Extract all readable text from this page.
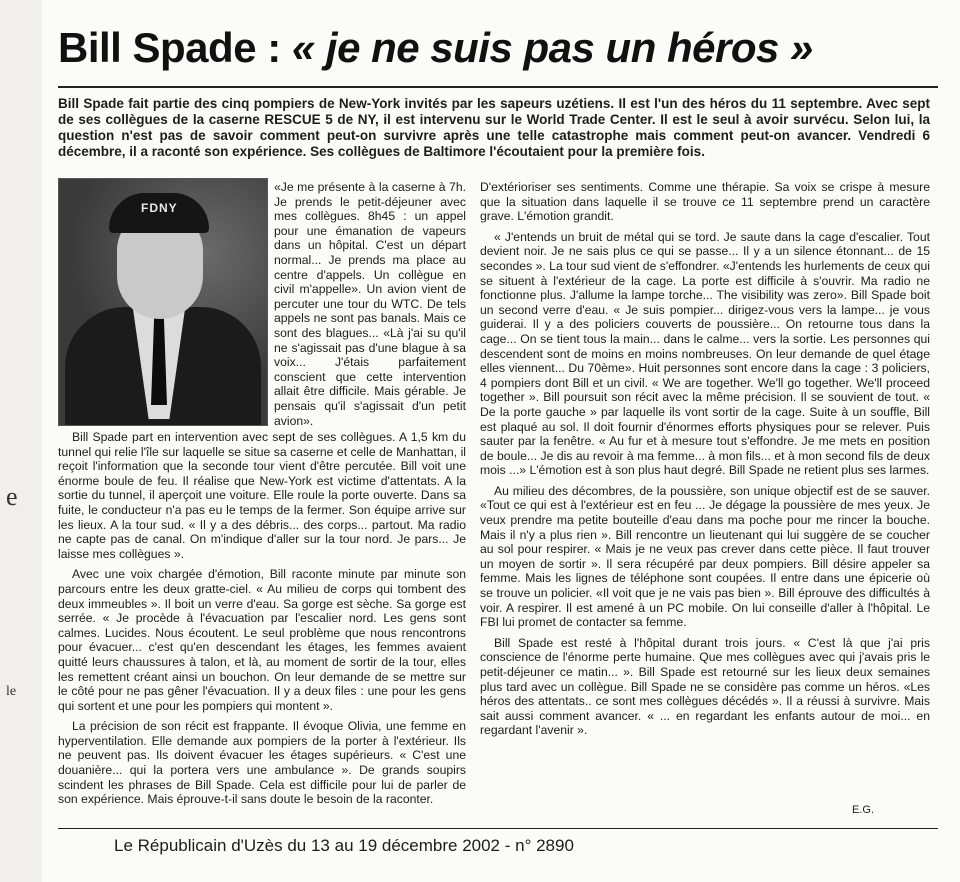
e
le
Bill Spade : « je ne suis pas un héros »

Bill Spade fait partie des cinq pompiers de New-York invités par les sapeurs uzétiens. Il est l'un des héros du 11 septembre. Avec sept de ses collègues de la caserne RESCUE 5 de NY, il est intervenu sur le World Trade Center. Il est le seul à avoir survécu. Selon lui, la question n'est pas de savoir comment peut-on survivre après une telle catastrophe mais comment peut-on avancer. Vendredi 6 décembre, il a raconté son expérience. Ses collègues de Baltimore l'écoutaient pour la première fois.

FDNY

«Je me présente à la caserne à 7h. Je prends le petit-déjeuner avec mes collègues. 8h45 : un appel pour une émanation de vapeurs dans un hôpital. C'est un départ normal... Je prends ma place au centre d'appels. Un collègue en civil m'appelle». Un avion vient de percuter une tour du WTC. De tels appels ne sont pas banals. Mais ce sont des blagues... «Là j'ai su qu'il ne s'agissait pas d'une blague à sa voix... J'étais parfaitement conscient que cette intervention allait être difficile. Mais gérable. Je pensais qu'il s'agissait d'un petit avion».

Bill Spade part en intervention avec sept de ses collègues. A 1,5 km du tunnel qui relie l'île sur laquelle se situe sa caserne et celle de Manhattan, il reçoit l'information que la seconde tour vient d'être percutée. Bill voit une énorme boule de feu. Il réalise que New-York est victime d'attentats. A la sortie du tunnel, il aperçoit une voiture. Elle roule la porte ouverte. Dans sa fuite, le conducteur n'a pas eu le temps de la fermer. Son équipe arrive sur les lieux. A la tour sud. « Il y a des débris... des corps... partout. Ma radio ne capte pas de canal. On m'indique d'aller sur la tour nord. Je pars... Je laisse mes collègues ».

Avec une voix chargée d'émotion, Bill raconte minute par minute son parcours entre les deux gratte-ciel. « Au milieu de corps qui tombent des deux immeubles ». Il boit un verre d'eau. Sa gorge est sèche. Sa gorge est serrée. « Je procède à l'évacuation par l'escalier nord. Les gens sont calmes. Lucides. Nous écoutent. Le seul problème que nous rencontrons pour évacuer... c'est qu'en descendant les étages, les femmes avaient quitté leurs chaussures à talon, et là, au moment de sortir de la tour, elles les remettent créant ainsi un bouchon. On leur demande de se mettre sur le côté pour ne pas gêner l'évacuation. Il y a deux files : une pour les gens qui sortent et une pour les pompiers qui montent ».

La précision de son récit est frappante. Il évoque Olivia, une femme en hyperventilation. Elle demande aux pompiers de la porter à l'extérieur. Ils ne peuvent pas. Ils doivent évacuer les étages supérieurs. « C'est une douanière... qui la portera vers une ambulance ». De grands soupirs scindent les phrases de Bill Spade. Cela est difficile pour lui de parler de son expérience. Mais éprouve-t-il sans doute le besoin de la raconter.

D'extérioriser ses sentiments. Comme une thérapie. Sa voix se crispe à mesure que la situation dans laquelle il se trouve ce 11 septembre prend un caractère grave. L'émotion grandit.

« J'entends un bruit de métal qui se tord. Je saute dans la cage d'escalier. Tout devient noir. Je ne sais plus ce qui se passe... Il y a un silence étonnant... de 15 secondes ». La tour sud vient de s'effondrer. «J'entends les hurlements de ceux qui se situent à l'extérieur de la cage. La porte est difficile à s'ouvrir. Ma radio ne fonctionne plus. J'allume la lampe torche... The visibility was zero». Bill Spade boit un second verre d'eau. « Je suis pompier... dirigez-vous vers la lampe... je vous guiderai. Il y a des policiers couverts de poussière... On retourne tous dans la cage... On se tient tous la main... dans le calme... vers la sortie. Les personnes qui descendent sont de moins en moins nombreuses. On leur demande de quel étage elles viennent... Du 70ème». Huit personnes sont encore dans la cage : 3 policiers, 4 pompiers dont Bill et un civil. « We are together. We'll go together. We'll proceed together ». Bill poursuit son récit avec la même précision. Il se souvient de tout. « De la porte gauche » par laquelle ils vont sortir de la cage. Suite à un souffle, Bill est plaqué au sol. Il doit fournir d'énormes efforts physiques pour se relever. Puis sauter par la fenêtre. « Au fur et à mesure tout s'effondre. Je me mets en position de boule... Je dis au revoir à ma femme... à mon fils... et à mon second fils de deux mois ...» L'émotion est à son plus haut degré. Bill Spade ne retient plus ses larmes.

Au milieu des décombres, de la poussière, son unique objectif est de se sauver. «Tout ce qui est à l'extérieur est en feu ... Je dégage la poussière de mes yeux. Je veux prendre ma petite bouteille d'eau dans ma poche pour me rincer la bouche. Mais il n'y a plus rien ». Bill rencontre un lieutenant qui lui suggère de se coucher au sol pour respirer. « Mais je ne veux pas crever dans cette pièce. Il faut trouver un moyen de sortir ». Il sera récupéré par deux pompiers. Bill désire appeler sa femme. Mais les lignes de téléphone sont coupées. Il entre dans une épicerie où se trouve un policier. «Il voit que je ne vais pas bien ». Bill éprouve des difficultés à voir. A respirer. Il est amené à un PC mobile. On lui conseille d'aller à l'hôpital. Le FBI lui promet de contacter sa femme.

Bill Spade est resté à l'hôpital durant trois jours. « C'est là que j'ai pris conscience de l'énorme perte humaine. Que mes collègues avec qui j'avais pris le petit-déjeuner ce matin... ». Bill Spade est retourné sur les lieux deux semaines plus tard avec un collègue. Bill Spade ne se considère pas comme un héros. «Les héros des attentats.. ce sont mes collègues décédés ». Il a réussi à survivre. Mais sait aussi comment avancer. « ... en regardant les enfants autour de moi... en regardant l'avenir ».

E.G.
Le Républicain d'Uzès du 13 au 19 décembre 2002 - n° 2890
